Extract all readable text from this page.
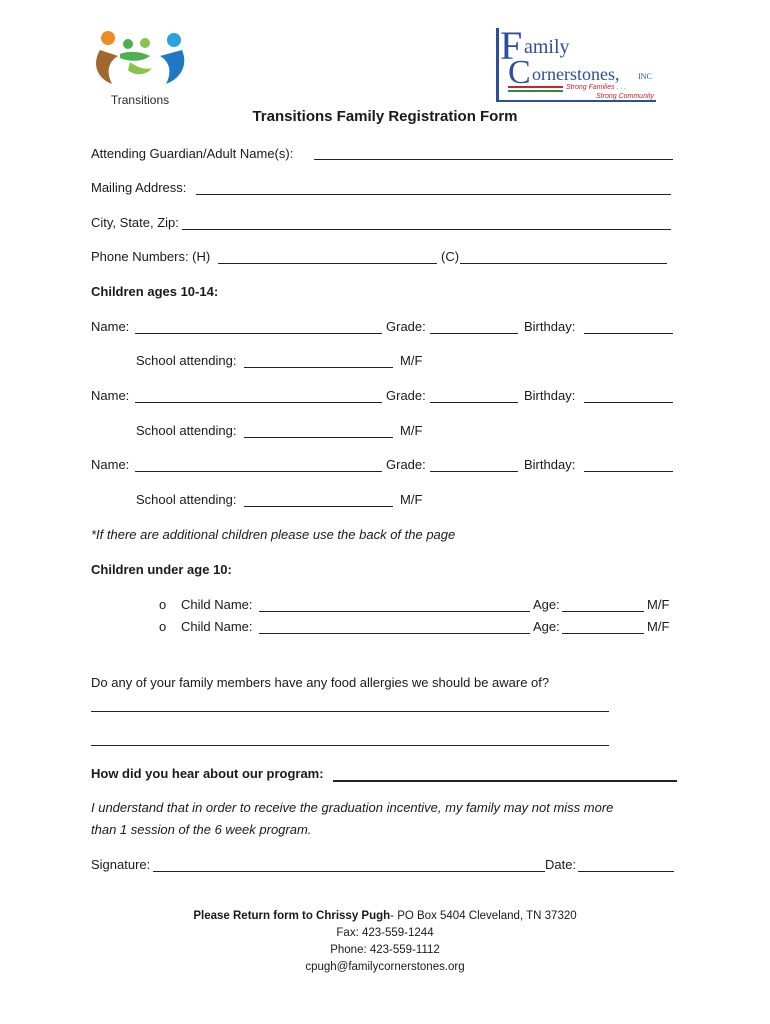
Transitions
F amily
C ornerstones, INC
Strong Families . . .
Strong Community
Transitions Family Registration Form
Attending Guardian/Adult Name(s):
Mailing Address:
City, State, Zip:
Phone Numbers: (H)	(C)
Children ages 10-14:
Name:	Grade:	Birthday:
School attending:	M/F
Name:	Grade:	Birthday:
School attending:	M/F
Name:	Grade:	Birthday:
School attending:	M/F
*If there are additional children please use the back of the page
Children under age 10:
o Child Name:	Age:	M/F
o Child Name:	Age:	M/F
Do any of your family members have any food allergies we should be aware of?
How did you hear about our program:
I understand that in order to receive the graduation incentive, my family may not miss more
than 1 session of the 6 week program.
Signature:	Date:
Please Return form to Chrissy Pugh- PO Box 5404 Cleveland, TN 37320
Fax: 423-559-1244
Phone: 423-559-1112
cpugh@familycornerstones.org
